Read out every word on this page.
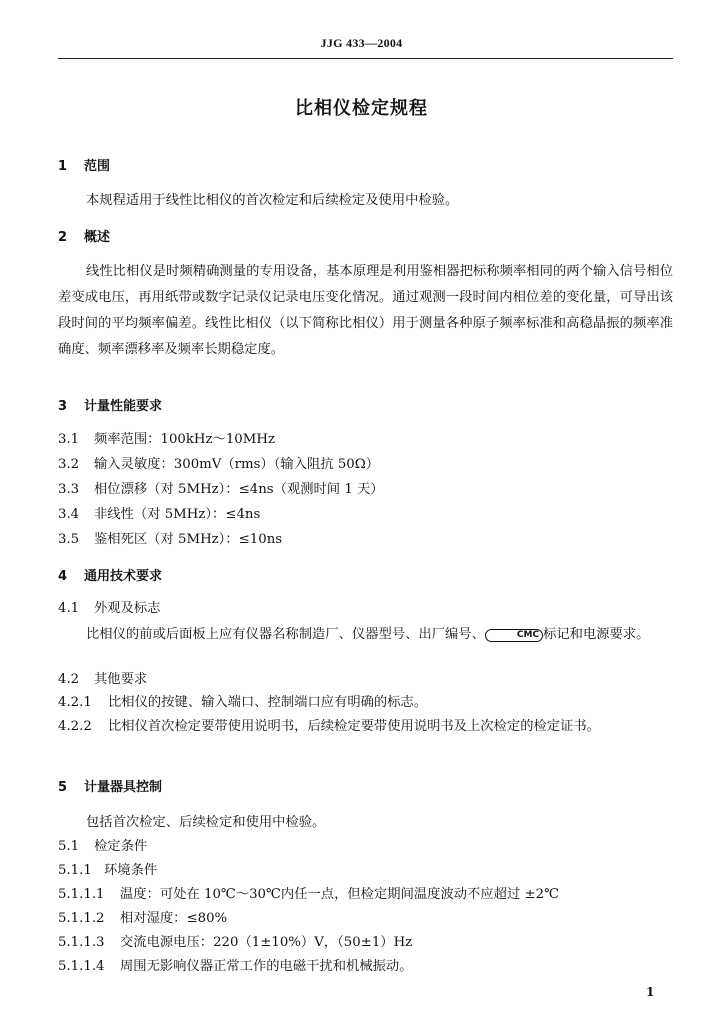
JJG 433—2004
比相仪检定规程
1 范围
本规程适用于线性比相仪的首次检定和后续检定及使用中检验。
2 概述
线性比相仪是时频精确测量的专用设备，基本原理是利用鉴相器把标称频率相同的两个输入信号相位差变成电压，再用纸带或数字记录仪记录电压变化情况。通过观测一段时间内相位差的变化量，可导出该段时间的平均频率偏差。线性比相仪（以下简称比相仪）用于测量各种原子频率标准和高稳晶振的频率准确度、频率漂移率及频率长期稳定度。
3 计量性能要求
3.1 频率范围：100kHz～10MHz
3.2 输入灵敏度：300mV（rms）（输入阻抗 50Ω）
3.3 相位漂移（对 5MHz）：≤4ns（观测时间 1 天）
3.4 非线性（对 5MHz）：≤4ns
3.5 鉴相死区（对 5MHz）：≤10ns
4 通用技术要求
4.1 外观及标志
比相仪的前或后面板上应有仪器名称制造厂、仪器型号、出厂编号、	CMC 标记和电源要求。
4.2 其他要求
4.2.1 比相仪的按键、输入端口、控制端口应有明确的标志。
4.2.2 比相仪首次检定要带使用说明书，后续检定要带使用说明书及上次检定的检定证书。
5 计量器具控制
包括首次检定、后续检定和使用中检验。
5.1 检定条件
5.1.1 环境条件
5.1.1.1 温度：可处在 10℃～30℃内任一点，但检定期间温度波动不应超过 ±2℃
5.1.1.2 相对湿度：≤80%
5.1.1.3 交流电源电压：220（1±10%）V，（50±1）Hz
5.1.1.4 周围无影响仪器正常工作的电磁干扰和机械振动。
1
